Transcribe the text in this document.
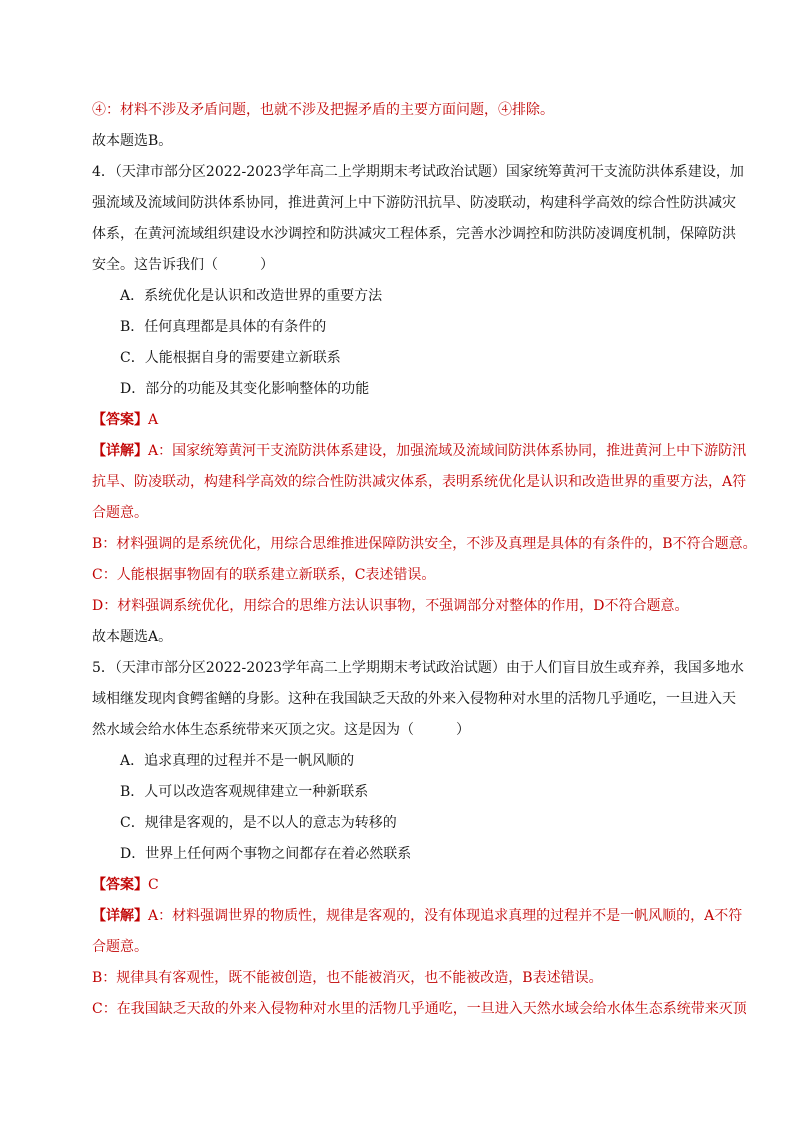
④：材料不涉及矛盾问题，也就不涉及把握矛盾的主要方面问题，④排除。
故本题选B。
4．（天津市部分区2022-2023学年高二上学期期末考试政治试题）国家统筹黄河干支流防洪体系建设，加
强流域及流域间防洪体系协同，推进黄河上中下游防汛抗旱、防凌联动，构建科学高效的综合性防洪减灾
体系，在黄河流域组织建设水沙调控和防洪减灾工程体系，完善水沙调控和防洪防凌调度机制，保障防洪
安全。这告诉我们（　　　）
A．系统优化是认识和改造世界的重要方法
B．任何真理都是具体的有条件的
C．人能根据自身的需要建立新联系
D．部分的功能及其变化影响整体的功能
【答案】A
【详解】A：国家统筹黄河干支流防洪体系建设，加强流域及流域间防洪体系协同，推进黄河上中下游防汛
抗旱、防凌联动，构建科学高效的综合性防洪减灾体系，表明系统优化是认识和改造世界的重要方法，A符
合题意。
B：材料强调的是系统优化，用综合思维推进保障防洪安全，不涉及真理是具体的有条件的，B不符合题意。
C：人能根据事物固有的联系建立新联系，C表述错误。
D：材料强调系统优化，用综合的思维方法认识事物，不强调部分对整体的作用，D不符合题意。
故本题选A。
5．（天津市部分区2022-2023学年高二上学期期末考试政治试题）由于人们盲目放生或弃养，我国多地水
域相继发现肉食鳄雀鳝的身影。这种在我国缺乏天敌的外来入侵物种对水里的活物几乎通吃，一旦进入天
然水域会给水体生态系统带来灭顶之灾。这是因为（　　　）
A．追求真理的过程并不是一帆风顺的
B．人可以改造客观规律建立一种新联系
C．规律是客观的，是不以人的意志为转移的
D．世界上任何两个事物之间都存在着必然联系
【答案】C
【详解】A：材料强调世界的物质性，规律是客观的，没有体现追求真理的过程并不是一帆风顺的，A不符
合题意。
B：规律具有客观性，既不能被创造，也不能被消灭，也不能被改造，B表述错误。
C：在我国缺乏天敌的外来入侵物种对水里的活物几乎通吃，一旦进入天然水域会给水体生态系统带来灭顶
